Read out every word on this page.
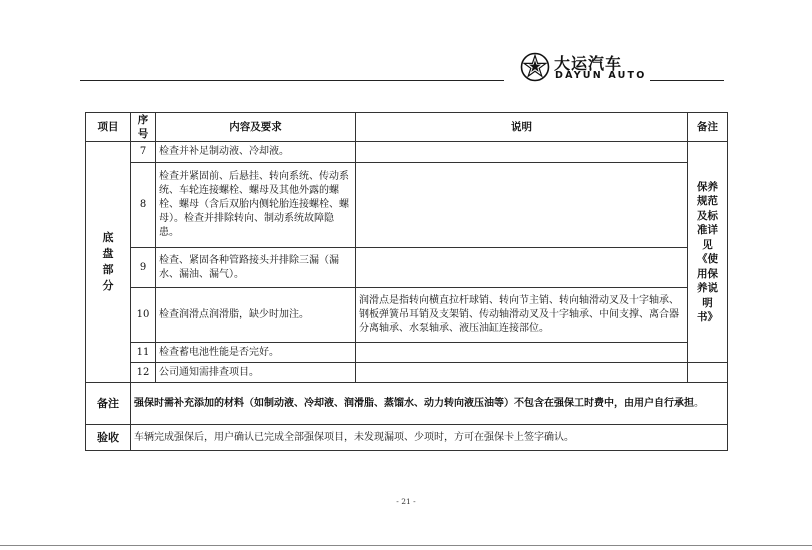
大运汽车
DAYUN AUTO
项目	序号	内容及要求	说明	备注

底盘部分	7	检查并补足制动液、冷却液。		保养规范及标准详见《使用保养说明书》

	8	检查并紧固前、后悬挂、转向系统、传动系统、车轮连接螺栓、螺母及其他外露的螺栓、螺母（含后双胎内侧轮胎连接螺栓、螺母）。检查并排除转向、制动系统故障隐患。		
	9	检查、紧固各种管路接头并排除三漏（漏水、漏油、漏气）。		
	10	检查润滑点润滑脂，缺少时加注。	润滑点是指转向横直拉杆球销、转向节主销、转向轴滑动叉及十字轴承、钢板弹簧吊耳销及支架销、传动轴滑动叉及十字轴承、中间支撑、离合器分离轴承、水泵轴承、液压油缸连接部位。	
	11	检查蓄电池性能是否完好。		
	12	公司通知需排查项目。		
备注	强保时需补充添加的材料（如制动液、冷却液、润滑脂、蒸馏水、动力转向液压油等）不包含在强保工时费中，由用户自行承担。			
验收	车辆完成强保后，用户确认已完成全部强保项目，未发现漏项、少项时，方可在强保卡上签字确认。			
- 21 -
